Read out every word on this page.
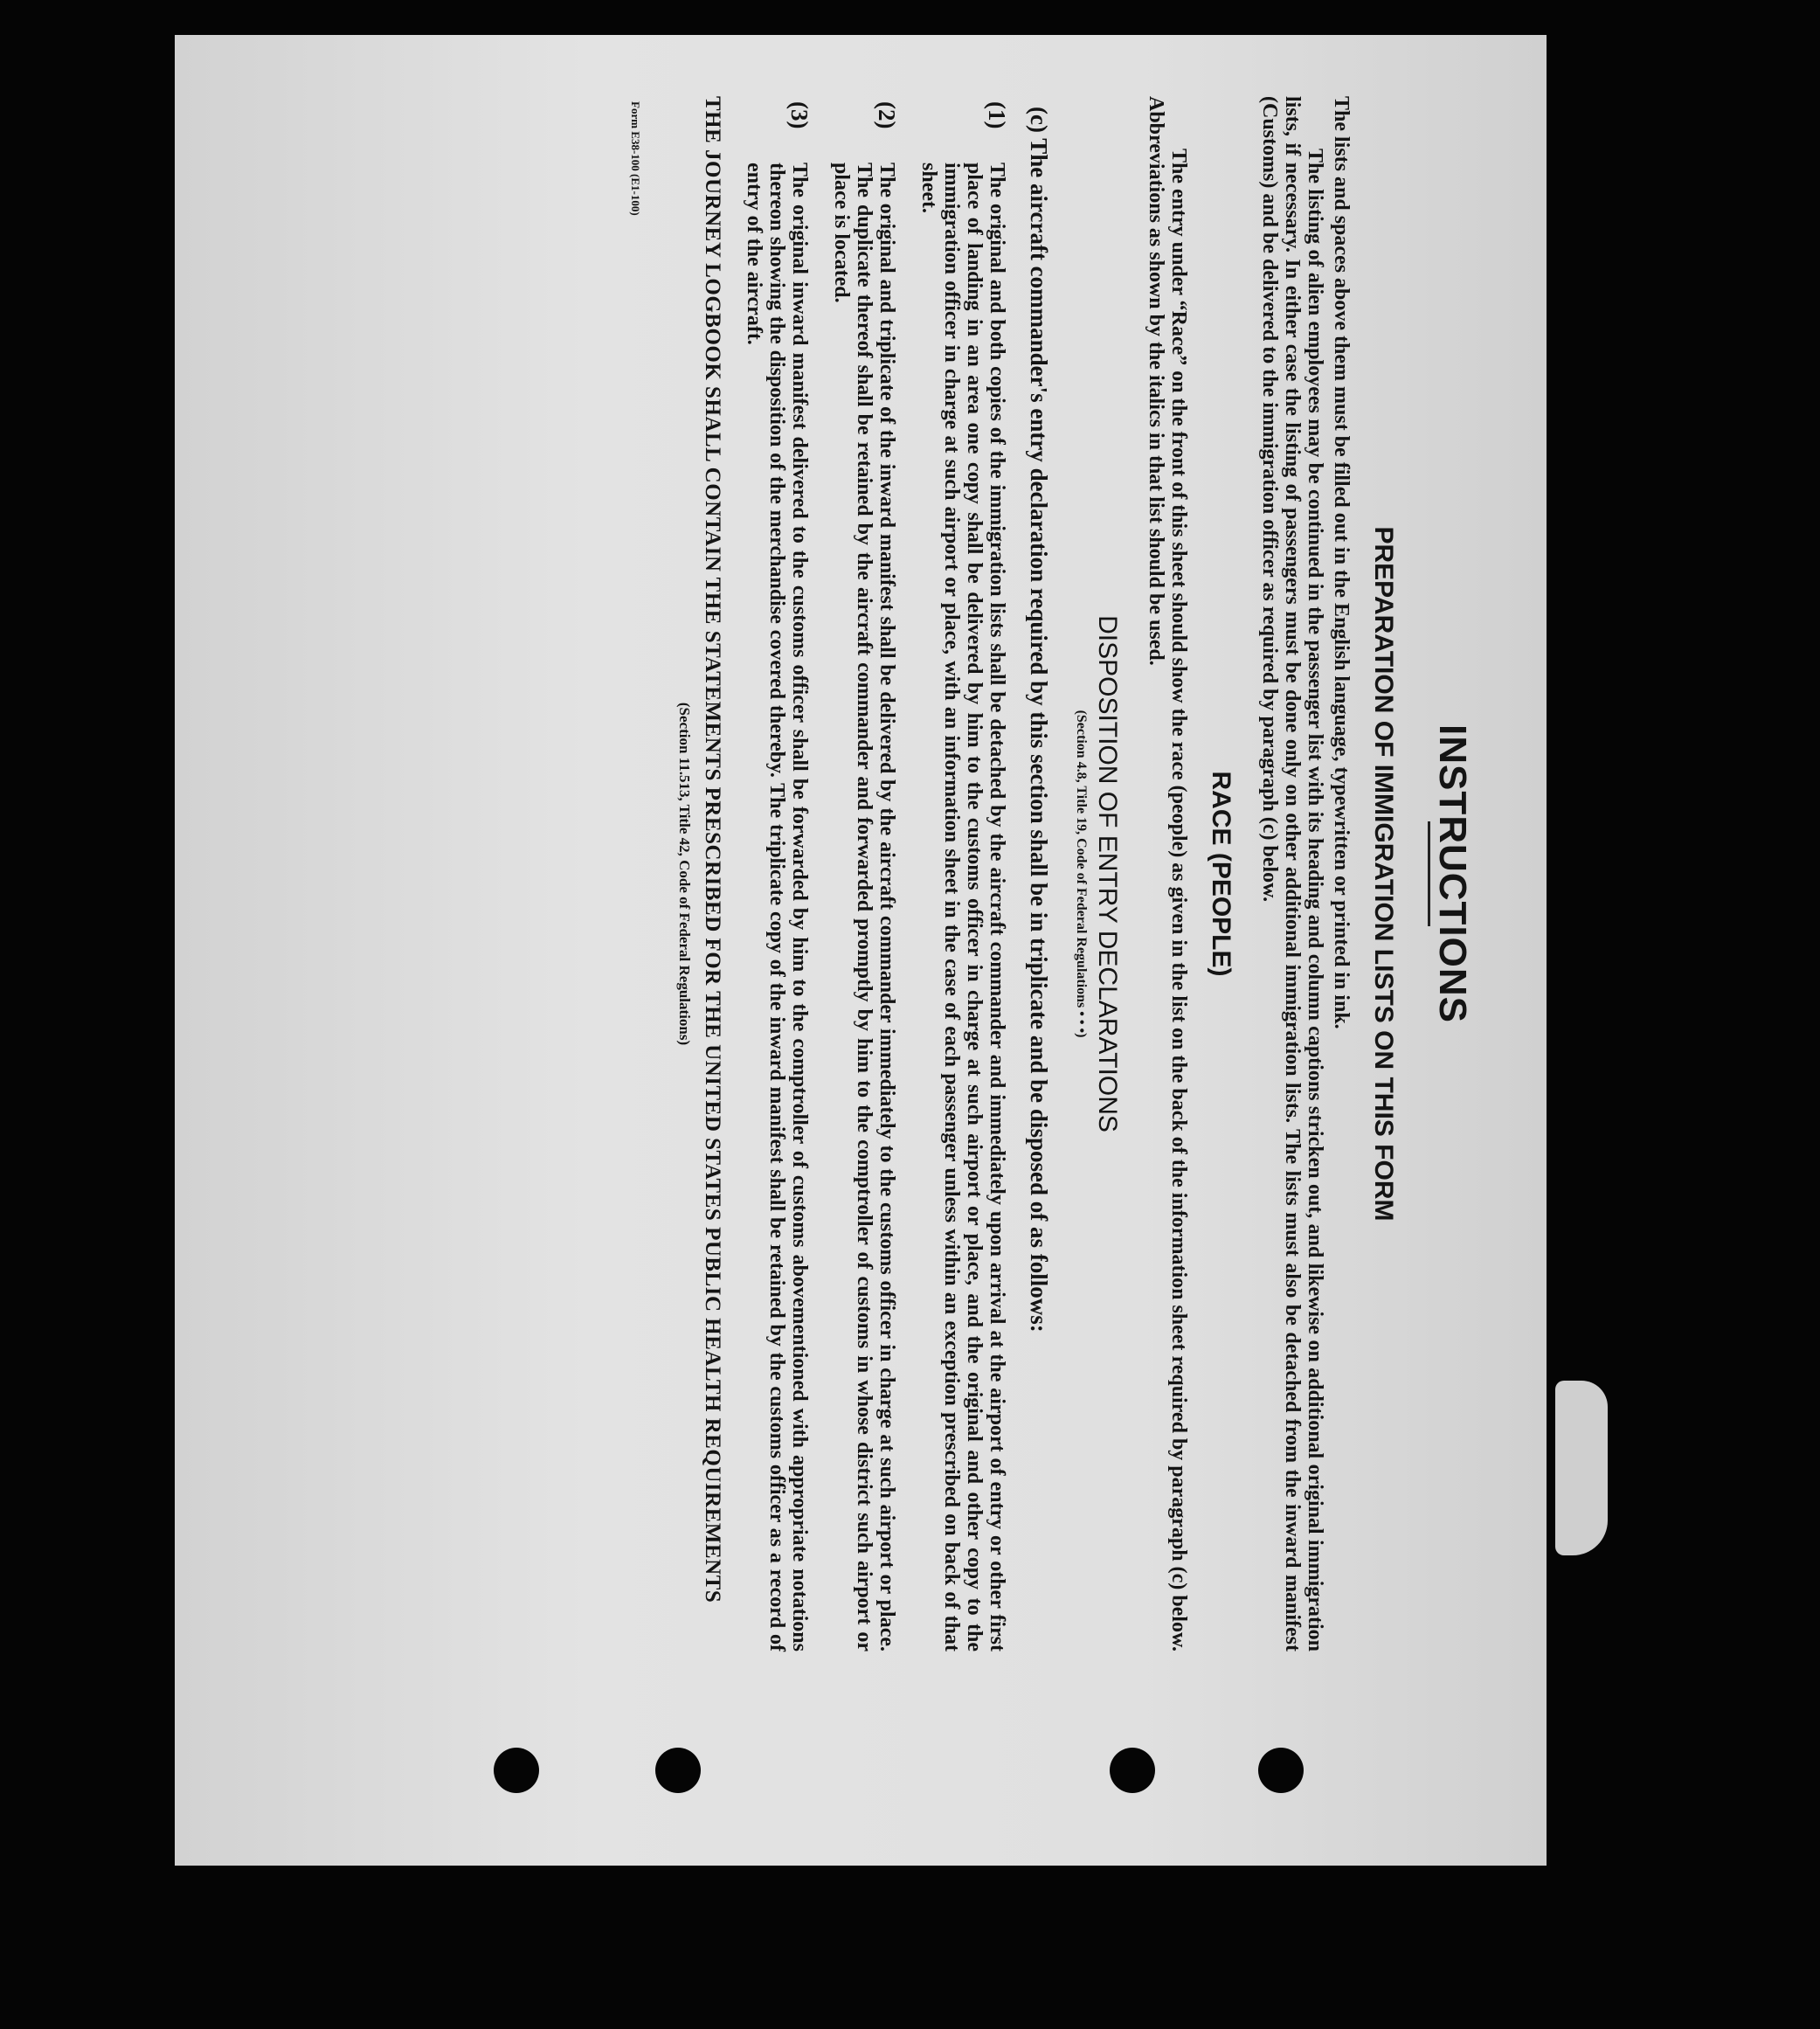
INSTRUCTIONS
PREPARATION OF IMMIGRATION LISTS ON THIS FORM
The lists and spaces above them must be filled out in the English language, typewritten or printed in ink.
The listing of alien employees may be continued in the passenger list with its heading and column captions stricken out, and likewise on additional original immigration lists, if necessary. In either case the listing of passengers must be done only on other additional immigration lists. The lists must also be detached from the inward manifest (Customs) and be delivered to the immigration officer as required by paragraph (c) below.
RACE (PEOPLE)
The entry under “Race” on the front of this sheet should show the race (people) as given in the list on the back of the information sheet required by paragraph (c) below. Abbreviations as shown by the italics in that list should be used.
DISPOSITION OF ENTRY DECLARATIONS
(Section 4.8, Title 19, Code of Federal Regulations • • •)
(c) The aircraft commander's entry declaration required by this section shall be in triplicate and be disposed of as follows:
(1)
The original and both copies of the immigration lists shall be detached by the aircraft commander and immediately upon arrival at the airport of entry or other first place of landing in an area one copy shall be delivered by him to the customs officer in charge at such airport or place, and the original and other copy to the immigration officer in charge at such airport or place, with an information sheet in the case of each passenger unless within an exception prescribed on back of that sheet.
(2)
The original and triplicate of the inward manifest shall be delivered by the aircraft commander immediately to the customs officer in charge at such airport or place. The duplicate thereof shall be retained by the aircraft commander and forwarded promptly by him to the comptroller of customs in whose district such airport or place is located.
(3)
The original inward manifest delivered to the customs officer shall be forwarded by him to the comptroller of customs abovementioned with appropriate notations thereon showing the disposition of the merchandise covered thereby. The triplicate copy of the inward manifest shall be retained by the customs officer as a record of entry of the aircraft.
THE JOURNEY LOGBOOK SHALL CONTAIN THE STATEMENTS PRESCRIBED FOR THE UNITED STATES PUBLIC HEALTH REQUIREMENTS
(Section 11.513, Title 42, Code of Federal Regulations)
Form E38-100 (E1-100)
